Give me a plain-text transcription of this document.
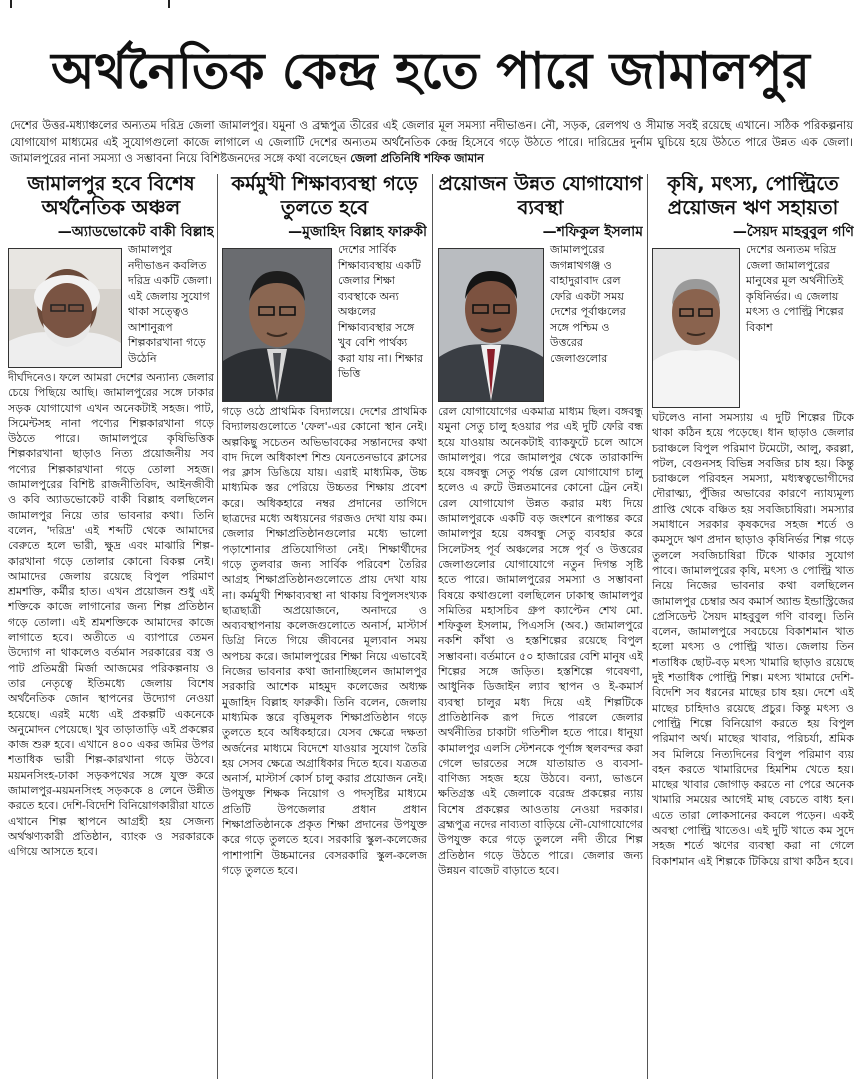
অর্থনৈতিক কেন্দ্র হতে পারে জামালপুর
দেশের উত্তর-মধ্যাঞ্চলের অন্যতম দরিদ্র জেলা জামালপুর। যমুনা ও ব্রহ্মপুত্র তীরের এই জেলার মূল সমস্যা নদীভাঙন। নৌ, সড়ক, রেলপথ ও সীমান্ত সবই রয়েছে এখানে। সঠিক পরিকল্পনায় যোগাযোগ মাধ্যমের এই সুযোগগুলো কাজে লাগালে এ জেলাটি দেশের অন্যতম অর্থনৈতিক কেন্দ্র হিসেবে গড়ে উঠতে পারে। দারিদ্রের দুর্নাম ঘুচিয়ে হয়ে উঠতে পারে উন্নত এক জেলা। জামালপুরের নানা সমস্যা ও সম্ভাবনা নিয়ে বিশিষ্টজনদের সঙ্গে কথা বলেছেন জেলা প্রতিনিধি শফিক জামান
জামালপুর হবে বিশেষ অর্থনৈতিক অঞ্চল
—অ্যাডভোকেট বাকী বিল্লাহ
জামালপুর নদীভাঙন কবলিত দরিদ্র একটি জেলা। এই জেলায় সুযোগ থাকা সত্ত্বেও আশানুরূপ শিল্পকারখানা গড়ে উঠেনি
দীর্ঘদিনেও। ফলে আমরা দেশের অন্যান্য জেলার চেয়ে পিছিয়ে আছি। জামালপুরের সঙ্গে ঢাকার সড়ক যোগাযোগ এখন অনেকটাই সহজ। পাট, সিমেন্টসহ নানা পণ্যের শিল্পকারখানা গড়ে উঠতে পারে। জামালপুরে কৃষিভিত্তিক শিল্পকারখানা ছাড়াও নিত্য প্রয়োজনীয় সব পণ্যের শিল্পকারখানা গড়ে তোলা সহজ। জামালপুরের বিশিষ্ট রাজনীতিবিদ, আইনজীবী ও কবি অ্যাডভোকেট বাকী বিল্লাহ বলছিলেন জামালপুর নিয়ে তার ভাবনার কথা। তিনি বলেন, 'দরিদ্র' এই শব্দটি থেকে আমাদের বেরুতে হলে ভারী, ক্ষুদ্র এবং মাঝারি শিল্প-কারখানা গড়ে তোলার কোনো বিকল্প নেই। আমাদের জেলায় রয়েছে বিপুল পরিমাণ শ্রমশক্তি, কর্মীর হাত। এখন প্রয়োজন শুধু এই শক্তিকে কাজে লাগানোর জন্য শিল্প প্রতিষ্ঠান গড়ে তোলা। এই শ্রমশক্তিকে আমাদের কাজে লাগাতে হবে। অতীতে এ ব্যাপারে তেমন উদ্যোগ না থাকলেও বর্তমান সরকারের বস্ত্র ও পাট প্রতিমন্ত্রী মির্জা আজমের পরিকল্পনায় ও তার নেতৃত্বে ইতিমধ্যে জেলায় বিশেষ অর্থনৈতিক জোন স্থাপনের উদ্যোগ নেওয়া হয়েছে। এরই মধ্যে এই প্রকল্পটি একনেকে অনুমোদন পেয়েছে। খুব তাড়াতাড়ি এই প্রকল্পের কাজ শুরু হবে। এখানে ৪০০ একর জমির উপর শতাধিক ভারী শিল্প-কারখানা গড়ে উঠবে। ময়মনসিংহ-ঢাকা সড়কপথের সঙ্গে যুক্ত করে জামালপুর-ময়মনসিংহ সড়ককে ৪ লেনে উন্নীত করতে হবে। দেশি-বিদেশি বিনিয়োগকারীরা যাতে এখানে শিল্প স্থাপনে আগ্রহী হয় সেজন্য অর্থঋণ্যকারী প্রতিষ্ঠান, ব্যাংক ও সরকারকে এগিয়ে আসতে হবে।
কর্মমুখী শিক্ষাব্যবস্থা গড়ে তুলতে হবে
—মুজাহিদ বিল্লাহ ফারুকী
দেশের সার্বিক শিক্ষাব্যবস্থায় একটি জেলার শিক্ষা ব্যবস্থাকে অন্য অঞ্চলের শিক্ষাব্যবস্থার সঙ্গে খুব বেশি পার্থক্য করা যায় না। শিক্ষার ভিত্তি
গড়ে ওঠে প্রাথমিক বিদ্যালয়ে। দেশের প্রাথমিক বিদ্যালয়গুলোতে 'ফেল'-এর কোনো স্থান নেই। অল্পকিছু সচেতন অভিভাবকের সন্তানদের কথা বাদ দিলে অধিকাংশ শিশু যেনতেনভাবে ক্লাসের পর ক্লাস ডিঙিয়ে যায়। এরাই মাধ্যমিক, উচ্চ মাধ্যমিক স্তর পেরিয়ে উচ্চতর শিক্ষায় প্রবেশ করে। অধিকহারে নম্বর প্রদানের তাগিদে ছাত্রদের মধ্যে অধ্যয়নের গরজও দেখা যায় কম। জেলার শিক্ষাপ্রতিষ্ঠানগুলোর মধ্যে ভালো পড়াশোনার প্রতিযোগিতা নেই। শিক্ষার্থীদের গড়ে তুলবার জন্য সার্বিক পরিবেশ তৈরির আগ্রহ শিক্ষাপ্রতিষ্ঠানগুলোতে প্রায় দেখা যায় না। কর্মমুখী শিক্ষাব্যবস্থা না থাকায় বিপুলসংখ্যক ছাত্রছাত্রী অপ্রয়োজনে, অনাদরে ও অব্যবস্থাপনায় কলেজগুলোতে অনার্স, মাস্টার্স ডিগ্রি নিতে গিয়ে জীবনের মূল্যবান সময় অপচয় করে। জামালপুরের শিক্ষা নিয়ে এভাবেই নিজের ভাবনার কথা জানাচ্ছিলেন জামালপুর সরকারি আশেক মাহমুদ কলেজের অধ্যক্ষ মুজাহিদ বিল্লাহ ফারুকী। তিনি বলেন, জেলায় মাধ্যমিক স্তরে বৃত্তিমূলক শিক্ষাপ্রতিষ্ঠান গড়ে তুলতে হবে অধিকহারে। যেসব ক্ষেত্রে দক্ষতা অর্জনের মাধ্যমে বিদেশে যাওয়ার সুযোগ তৈরি হয় সেসব ক্ষেত্রে অগ্রাধিকার দিতে হবে। যত্রতত্র অনার্স, মাস্টার্স কোর্স চালু করার প্রয়োজন নেই। উপযুক্ত শিক্ষক নিয়োগ ও পদসৃষ্টির মাধ্যমে প্রতিটি উপজেলার প্রধান প্রধান শিক্ষাপ্রতিষ্ঠানকে প্রকৃত শিক্ষা প্রদানের উপযুক্ত করে গড়ে তুলতে হবে। সরকারি স্কুল-কলেজের পাশাপাশি উচ্চমানের বেসরকারি স্কুল-কলেজ গড়ে তুলতে হবে।
প্রয়োজন উন্নত যোগাযোগ ব্যবস্থা
—শফিকুল ইসলাম
জামালপুরের জগন্নাথগঞ্জ ও বাহাদুরাবাদ রেল ফেরি একটা সময় দেশের পূর্বাঞ্চলের সঙ্গে পশ্চিম ও উত্তরের জেলাগুলোর
রেল যোগাযোগের একমাত্র মাধ্যম ছিল। বঙ্গবন্ধু যমুনা সেতু চালু হওয়ার পর এই দুটি ফেরি বন্ধ হয়ে যাওয়ায় অনেকটাই ব্যাকফুটে চলে আসে জামালপুর। পরে জামালপুর থেকে তারাকান্দি হয়ে বঙ্গবন্ধু সেতু পর্যন্ত রেল যোগাযোগ চালু হলেও এ রুটে উন্নতমানের কোনো ট্রেন নেই। রেল যোগাযোগ উন্নত করার মধ্য দিয়ে জামালপুরকে একটি বড় জংশনে রূপান্তর করে জামালপুর হয়ে বঙ্গবন্ধু সেতু ব্যবহার করে সিলেটসহ পূর্ব অঞ্চলের সঙ্গে পূর্ব ও উত্তরের জেলাগুলোর যোগাযোগে নতুন দিগন্ত সৃষ্টি হতে পারে। জামালপুরের সমস্যা ও সম্ভাবনা বিষয়ে কথাগুলো বলছিলেন ঢাকাস্থ জামালপুর সমিতির মহাসচিব গ্রুপ ক্যাপ্টেন শেখ মো. শফিকুল ইসলাম, পিএসসি (অব.) জামালপুরে নকশি কাঁথা ও হস্তশিল্পের রয়েছে বিপুল সম্ভাবনা। বর্তমানে ৫০ হাজারের বেশি মানুষ এই শিল্পের সঙ্গে জড়িত। হস্তশিল্পে গবেষণা, আধুনিক ডিজাইন ল্যাব স্থাপন ও ই-কমার্স ব্যবস্থা চালুর মধ্য দিয়ে এই শিল্পটিকে প্রাতিষ্ঠানিক রূপ দিতে পারলে জেলার অর্থনীতির চাকাটা গতিশীল হতে পারে। ধানুয়া কামালপুর এলসি স্টেশনকে পূর্ণাঙ্গ স্থলবন্দর করা গেলে ভারতের সঙ্গে যাতায়াত ও ব্যবসা-বাণিজ্য সহজ হয়ে উঠবে। বন্যা, ভাঙনে ক্ষতিগ্রস্ত এই জেলাকে বরেন্দ্র প্রকল্পের ন্যায় বিশেষ প্রকল্পের আওতায় নেওয়া দরকার। ব্রহ্মপুত্র নদের নাব্যতা বাড়িয়ে নৌ-যোগাযোগের উপযুক্ত করে গড়ে তুললে নদী তীরে শিল্প প্রতিষ্ঠান গড়ে উঠতে পারে। জেলার জন্য উন্নয়ন বাজেট বাড়াতে হবে।
কৃষি, মৎস্য, পোল্ট্রিতে প্রয়োজন ঋণ সহায়তা
—সৈয়দ মাহবুবুল গণি
দেশের অন্যতম দরিদ্র জেলা জামালপুরের মানুষের মূল অর্থনীতিই কৃষিনির্ভর। এ জেলায় মৎস্য ও পোল্ট্রি শিল্পের বিকাশ
ঘটলেও নানা সমস্যায় এ দুটি শিল্পের টিকে থাকা কঠিন হয়ে পড়েছে। ধান ছাড়াও জেলার চরাঞ্চলে বিপুল পরিমাণ টমেটো, আলু, করল্লা, পটল, বেগুনসহ বিভিন্ন সবজির চাষ হয়। কিন্তু চরাঞ্চলে পরিবহন সমস্যা, মধ্যস্বত্বভোগীদের দৌরাত্ম্য, পুঁজির অভাবের কারণে ন্যায্যমূল্য প্রাপ্তি থেকে বঞ্চিত হয় সবজিচাষিরা। সমস্যার সমাধানে সরকার কৃষকদের সহজ শর্তে ও কমসুদে ঋণ প্রদান ছাড়াও কৃষিনির্ভর শিল্প গড়ে তুললে সবজিচাষিরা টিকে থাকার সুযোগ পাবে। জামালপুরের কৃষি, মৎস্য ও পোল্ট্রি খাত নিয়ে নিজের ভাবনার কথা বলছিলেন জামালপুর চেম্বার অব কমার্স অ্যান্ড ইন্ডাস্ট্রিজের প্রেসিডেন্ট সৈয়দ মাহবুবুল গণি বাবলু। তিনি বলেন, জামালপুরে সবচেয়ে বিকাশমান খাত হলো মৎস্য ও পোল্ট্রি খাত। জেলায় তিন শতাধিক ছোট-বড় মৎস্য খামারি ছাড়াও রয়েছে দুই শতাধিক পোল্ট্রি শিল্প। মৎস্য খামারে দেশি-বিদেশি সব ধরনের মাছের চাষ হয়। দেশে এই মাছের চাহিদাও রয়েছে প্রচুর। কিন্তু মৎস্য ও পোল্ট্রি শিল্পে বিনিয়োগ করতে হয় বিপুল পরিমাণ অর্থ। মাছের খাবার, পরিচর্যা, শ্রমিক সব মিলিয়ে নিত্যদিনের বিপুল পরিমাণ ব্যয় বহন করতে খামারিদের হিমশিম খেতে হয়। মাছের খাবার জোগাড় করতে না পেরে অনেক খামারি সময়ের আগেই মাছ বেচতে বাধ্য হন। এতে তারা লোকসানের কবলে পড়েন। একই অবস্থা পোল্ট্রি খাতেও। এই দুটি খাতে কম সুদে সহজ শর্তে ঋণের ব্যবস্থা করা না গেলে বিকাশমান এই শিল্পকে টিকিয়ে রাখা কঠিন হবে।
